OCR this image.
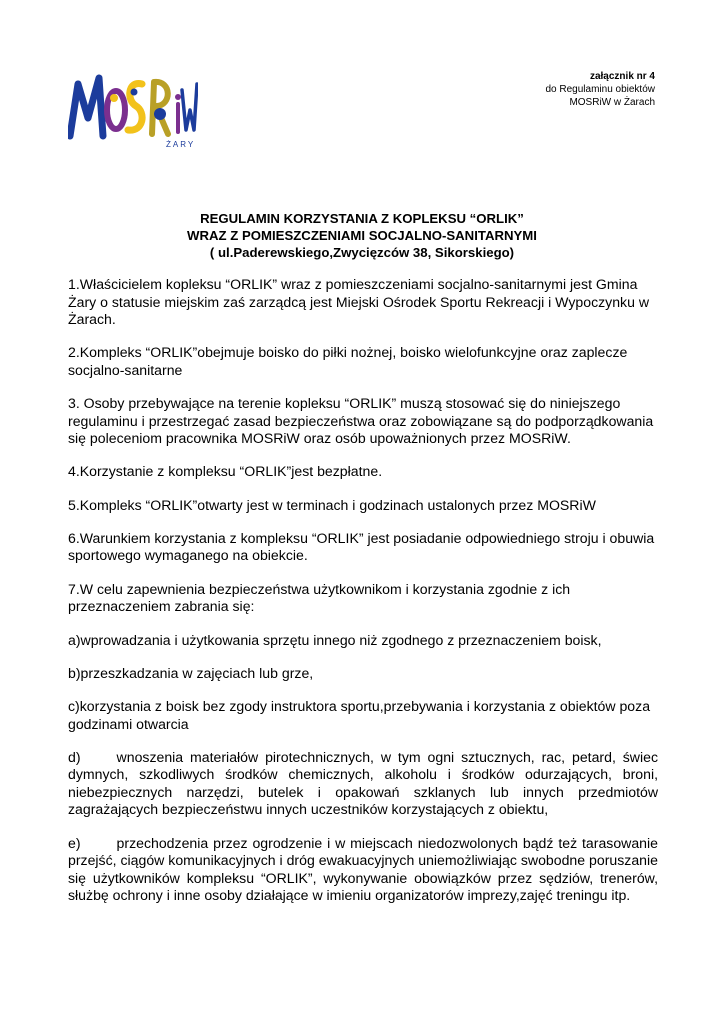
ŻARY
załącznik nr 4
do Regulaminu obiektów
MOSRiW w Żarach
REGULAMIN KORZYSTANIA Z KOPLEKSU “ORLIK”
WRAZ Z POMIESZCZENIAMI SOCJALNO-SANITARNYMI
( ul.Paderewskiego,Zwycięzców 38, Sikorskiego)

1.Właścicielem kopleksu “ORLIK” wraz z pomieszczeniami socjalno-sanitarnymi jest Gmina Żary o statusie miejskim zaś zarządcą jest Miejski Ośrodek Sportu Rekreacji i Wypoczynku w Żarach.

2.Kompleks “ORLIK”obejmuje boisko do piłki nożnej, boisko wielofunkcyjne oraz zaplecze socjalno-sanitarne

3. Osoby przebywające na terenie kopleksu “ORLIK” muszą stosować się do niniejszego regulaminu i przestrzegać zasad bezpieczeństwa oraz zobowiązane są do podporządkowania się poleceniom pracownika MOSRiW oraz osób upoważnionych przez MOSRiW.

4.Korzystanie z kompleksu “ORLIK”jest bezpłatne.

5.Kompleks “ORLIK”otwarty jest w terminach i godzinach ustalonych przez MOSRiW

6.Warunkiem korzystania z kompleksu “ORLIK” jest posiadanie odpowiedniego stroju i obuwia sportowego wymaganego na obiekcie.

7.W celu zapewnienia bezpieczeństwa użytkownikom i korzystania zgodnie z ich przeznaczeniem zabrania się:

a)wprowadzania i użytkowania sprzętu innego niż zgodnego z przeznaczeniem boisk,

b)przeszkadzania w zajęciach lub grze,

c)korzystania z boisk bez zgody instruktora sportu,przebywania i korzystania z obiektów poza godzinami otwarcia

d)	wnoszenia materiałów pirotechnicznych, w tym ogni sztucznych, rac, petard, świec dymnych, szkodliwych środków chemicznych, alkoholu i środków odurzających, broni, niebezpiecznych narzędzi, butelek i opakowań szklanych lub innych przedmiotów zagrażających bezpieczeństwu innych uczestników korzystających z obiektu,

e)	przechodzenia przez ogrodzenie i w miejscach niedozwolonych bądź też tarasowanie przejść, ciągów komunikacyjnych i dróg ewakuacyjnych uniemożliwiając swobodne poruszanie się użytkowników kompleksu “ORLIK”, wykonywanie obowiązków przez sędziów, trenerów, służbę ochrony i inne osoby działające w imieniu organizatorów imprezy,zajęć treningu itp.
